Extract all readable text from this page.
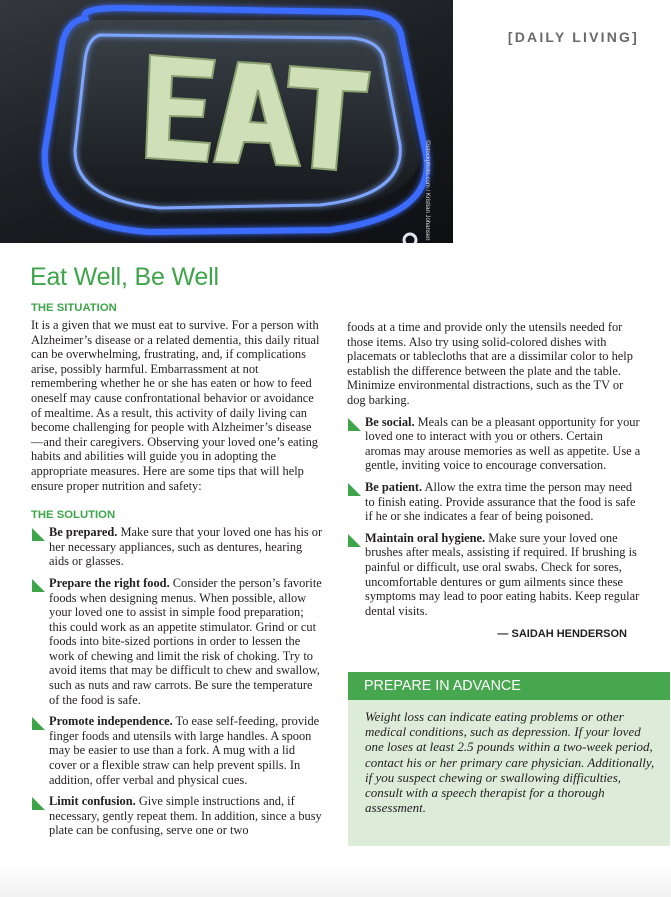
©istockphoto.com / Kristian Johansen
[DAILY LIVING]
Eat Well, Be Well

THE SITUATION

It is a given that we must eat to survive. For a person with Alzheimer’s disease or a related dementia, this daily ritual can be overwhelming, frustrating, and, if complications arise, possibly harmful. Embarrassment at not remembering whether he or she has eaten or how to feed oneself may cause confrontational behavior or avoidance of mealtime. As a result, this activity of daily living can become challenging for people with Alzheimer’s disease—and their caregivers. Observing your loved one’s eating habits and abilities will guide you in adopting the appropriate measures. Here are some tips that will help ensure proper nutrition and safety:

THE SOLUTION

Be prepared. Make sure that your loved one has his or her necessary appliances, such as dentures, hearing aids or glasses.
Prepare the right food. Consider the person’s favorite foods when designing menus. When possible, allow your loved one to assist in simple food preparation; this could work as an appetite stimulator. Grind or cut foods into bite-sized portions in order to lessen the work of chewing and limit the risk of choking. Try to avoid items that may be difficult to chew and swallow, such as nuts and raw carrots. Be sure the temperature of the food is safe.
Promote independence. To ease self-feeding, provide finger foods and utensils with large handles. A spoon may be easier to use than a fork. A mug with a lid cover or a flexible straw can help prevent spills. In addition, offer verbal and physical cues.
Limit confusion. Give simple instructions and, if necessary, gently repeat them. In addition, since a busy plate can be confusing, serve one or two

foods at a time and provide only the utensils needed for those items. Also try using solid-colored dishes with placemats or tablecloths that are a dissimilar color to help establish the difference between the plate and the table. Minimize environmental distractions, such as the TV or dog barking.

Be social. Meals can be a pleasant opportunity for your loved one to interact with you or others. Certain aromas may arouse memories as well as appetite. Use a gentle, inviting voice to encourage conversation.
Be patient. Allow the extra time the person may need to finish eating. Provide assurance that the food is safe if he or she indicates a fear of being poisoned.
Maintain oral hygiene. Make sure your loved one brushes after meals, assisting if required. If brushing is painful or difficult, use oral swabs. Check for sores, uncomfortable dentures or gum ailments since these symptoms may lead to poor eating habits. Keep regular dental visits.

— SAIDAH HENDERSON

PREPARE IN ADVANCE

Weight loss can indicate eating problems or other medical conditions, such as depression. If your loved one loses at least 2.5 pounds within a two-week period, contact his or her primary care physician. Additionally, if you suspect chewing or swallowing difficulties, consult with a speech therapist for a thorough assessment.
